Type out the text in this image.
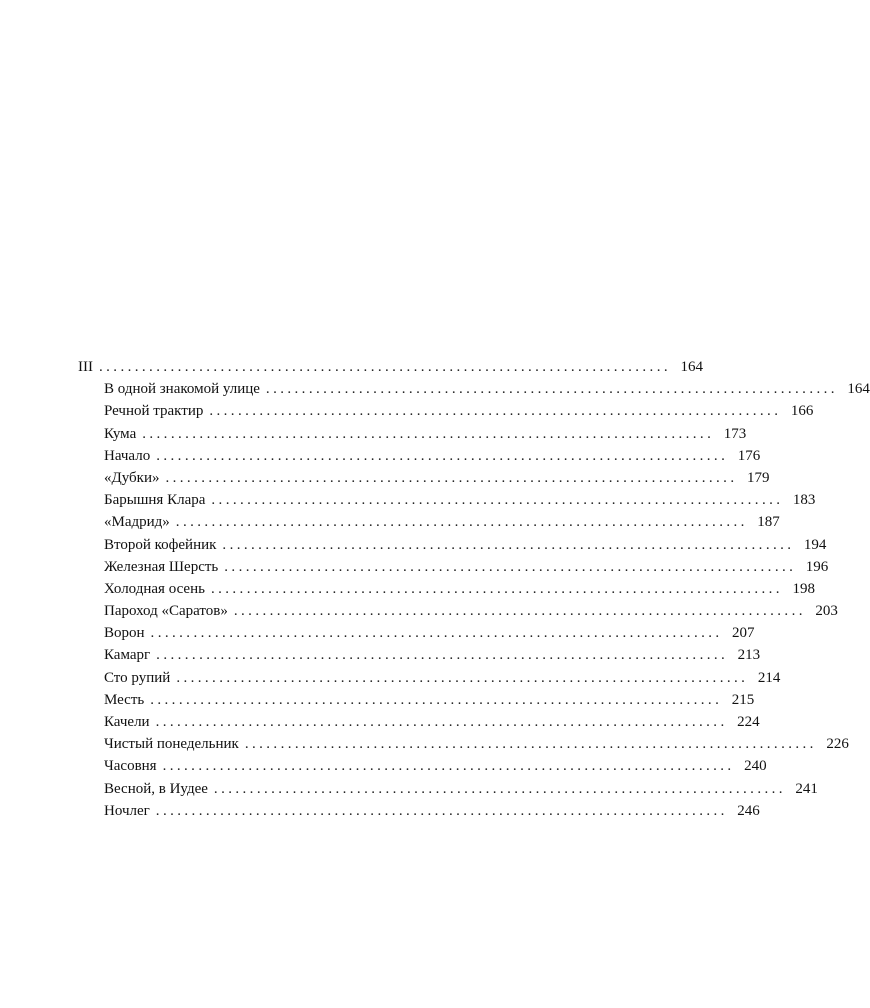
III ................................................................................ 164
В одной знакомой улице ................................................................................ 164
Речной трактир ................................................................................ 166
Кума ................................................................................ 173
Начало ................................................................................ 176
«Дубки» ................................................................................ 179
Барышня Клара ................................................................................ 183
«Мадрид» ................................................................................ 187
Второй кофейник ................................................................................ 194
Железная Шерсть ................................................................................ 196
Холодная осень ................................................................................ 198
Пароход «Саратов» ................................................................................ 203
Ворон ................................................................................ 207
Камарг ................................................................................ 213
Сто рупий ................................................................................ 214
Месть ................................................................................ 215
Качели ................................................................................ 224
Чистый понедельник ................................................................................ 226
Часовня ................................................................................ 240
Весной, в Иудее ................................................................................ 241
Ночлег ................................................................................ 246
